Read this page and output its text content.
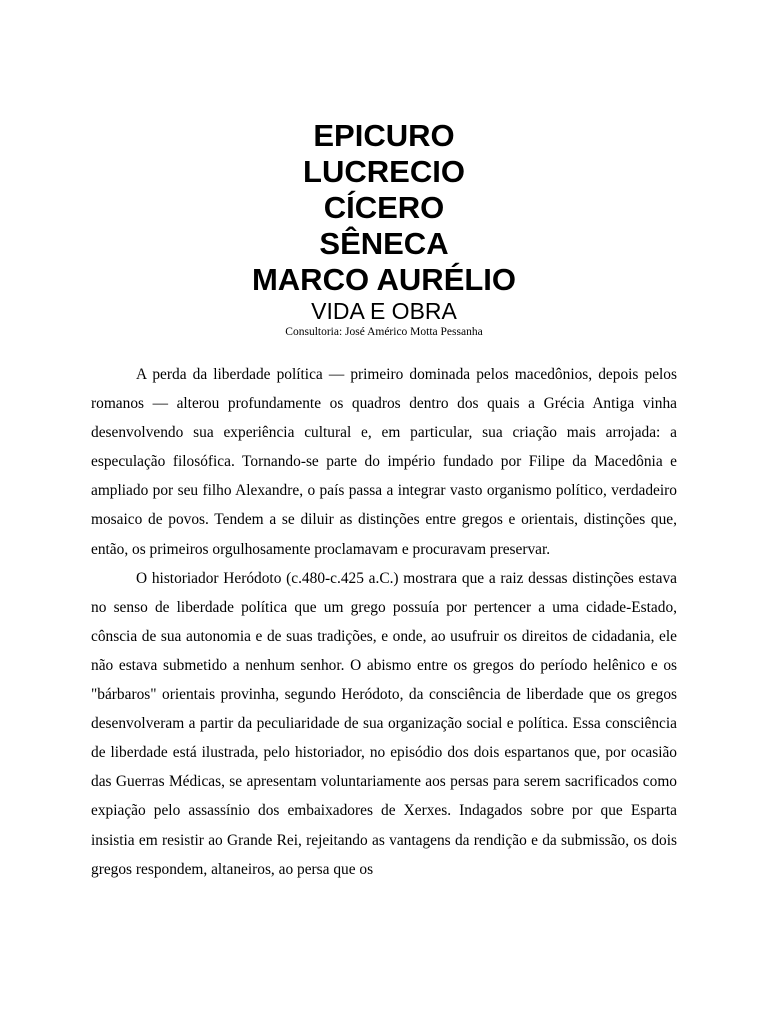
EPICURO
LUCRECIO
CÍCERO
SÊNECA
MARCO AURÉLIO
VIDA E OBRA
Consultoria: José Américo Motta Pessanha

A perda da liberdade política — primeiro dominada pelos macedônios, depois pelos romanos — alterou profundamente os quadros dentro dos quais a Grécia Antiga vinha desenvolvendo sua experiência cultural e, em particular, sua criação mais arrojada: a especulação filosófica. Tornando-se parte do império fundado por Filipe da Macedônia e ampliado por seu filho Alexandre, o país passa a integrar vasto organismo político, verdadeiro mosaico de povos. Tendem a se diluir as distinções entre gregos e orientais, distinções que, então, os primeiros orgulhosamente proclamavam e procuravam preservar.

O historiador Heródoto (c.480-c.425 a.C.) mostrara que a raiz dessas distinções estava no senso de liberdade política que um grego possuía por pertencer a uma cidade-Estado, cônscia de sua autonomia e de suas tradições, e onde, ao usufruir os direitos de cidadania, ele não estava submetido a nenhum senhor. O abismo entre os gregos do período helênico e os "bárbaros" orientais provinha, segundo Heródoto, da consciência de liberdade que os gregos desenvolveram a partir da peculiaridade de sua organização social e política. Essa consciência de liberdade está ilustrada, pelo historiador, no episódio dos dois espartanos que, por ocasião das Guerras Médicas, se apresentam voluntariamente aos persas para serem sacrificados como expiação pelo assassínio dos embaixadores de Xerxes. Indagados sobre por que Esparta insistia em resistir ao Grande Rei, rejeitando as vantagens da rendição e da submissão, os dois gregos respondem, altaneiros, ao persa que os
